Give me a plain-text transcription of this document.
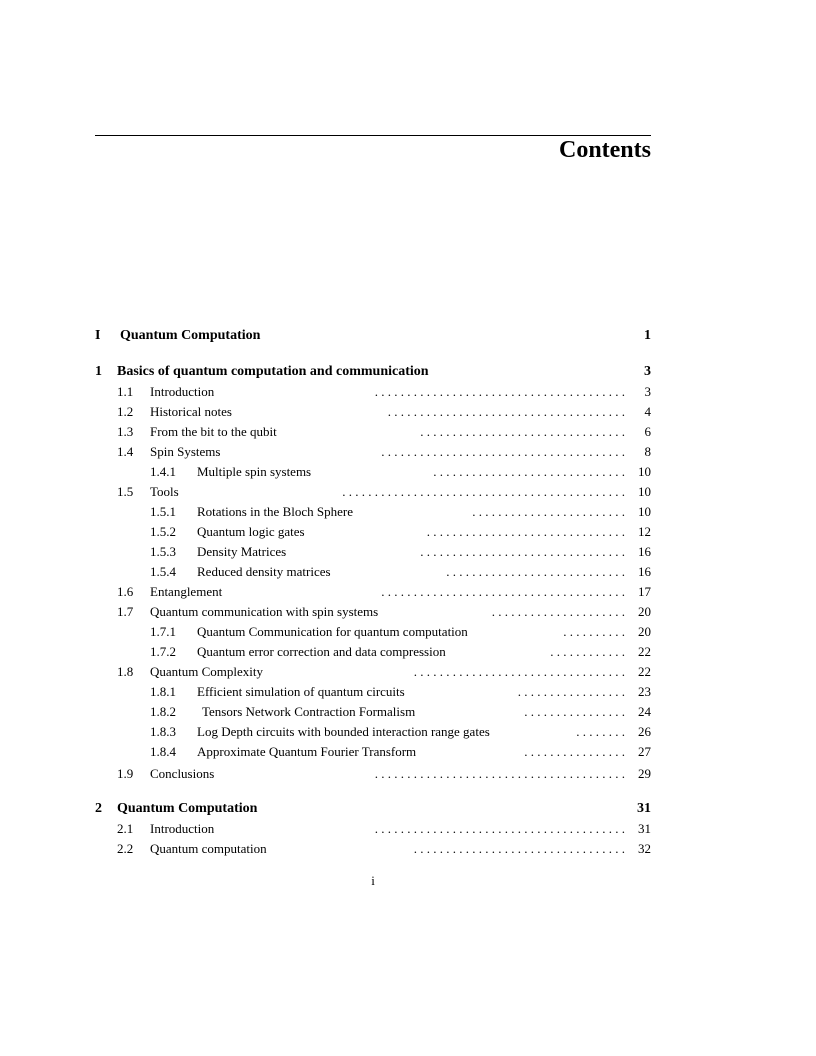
Contents
I Quantum Computation	1
1 Basics of quantum computation and communication	3
1.1 Introduction	. . . . . . . . . . . . . . . . . . . . . . . . . . . . . . . . . . . . . . . 3
1.2 Historical notes	. . . . . . . . . . . . . . . . . . . . . . . . . . . . . . . . . . . . . 4
1.3 From the bit to the qubit	. . . . . . . . . . . . . . . . . . . . . . . . . . . . . . . . 6
1.4 Spin Systems	. . . . . . . . . . . . . . . . . . . . . . . . . . . . . . . . . . . . . . 8
1.4.1 Multiple spin systems	. . . . . . . . . . . . . . . . . . . . . . . . . . . . . . 10
1.5 Tools	. . . . . . . . . . . . . . . . . . . . . . . . . . . . . . . . . . . . . . . . . . . . 10
1.5.1 Rotations in the Bloch Sphere	. . . . . . . . . . . . . . . . . . . . . . . . 10
1.5.2 Quantum logic gates	. . . . . . . . . . . . . . . . . . . . . . . . . . . . . . . 12
1.5.3 Density Matrices	. . . . . . . . . . . . . . . . . . . . . . . . . . . . . . . . 16
1.5.4 Reduced density matrices	. . . . . . . . . . . . . . . . . . . . . . . . . . . . 16
1.6 Entanglement	. . . . . . . . . . . . . . . . . . . . . . . . . . . . . . . . . . . . . . 17
1.7 Quantum communication with spin systems	. . . . . . . . . . . . . . . . . . . . . 20
1.7.1 Quantum Communication for quantum computation	. . . . . . . . . . 20
1.7.2 Quantum error correction and data compression	. . . . . . . . . . . . 22
1.8 Quantum Complexity	. . . . . . . . . . . . . . . . . . . . . . . . . . . . . . . . . 22
1.8.1 Efficient simulation of quantum circuits	. . . . . . . . . . . . . . . . . 23
1.8.2 Tensors Network Contraction Formalism	. . . . . . . . . . . . . . . . 24
1.8.3 Log Depth circuits with bounded interaction range gates	. . . . . . . . 26
1.8.4 Approximate Quantum Fourier Transform	. . . . . . . . . . . . . . . . 27
1.9 Conclusions	. . . . . . . . . . . . . . . . . . . . . . . . . . . . . . . . . . . . . . . 29
2 Quantum Computation	31
2.1 Introduction	. . . . . . . . . . . . . . . . . . . . . . . . . . . . . . . . . . . . . . . 31
2.2 Quantum computation	. . . . . . . . . . . . . . . . . . . . . . . . . . . . . . . . . 32
i
